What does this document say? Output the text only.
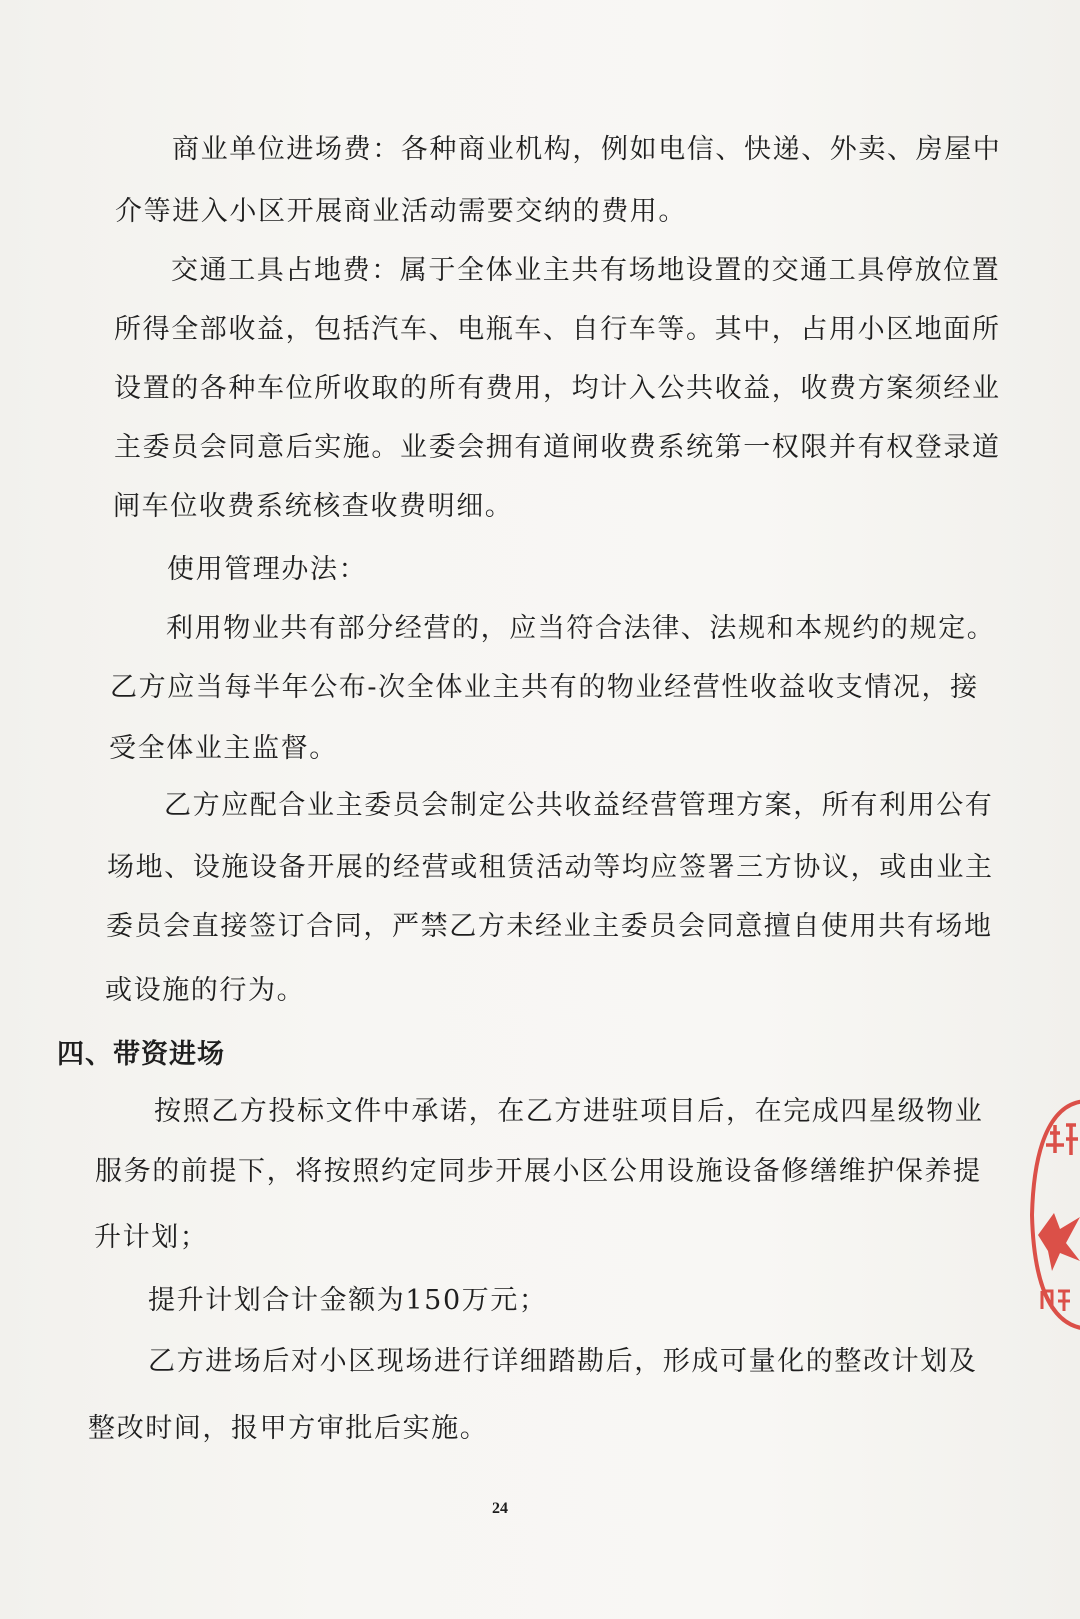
商业单位进场费：各种商业机构，例如电信、快递、外卖、房屋中

介等进入小区开展商业活动需要交纳的费用。

交通工具占地费：属于全体业主共有场地设置的交通工具停放位置

所得全部收益，包括汽车、电瓶车、自行车等。其中，占用小区地面所

设置的各种车位所收取的所有费用，均计入公共收益，收费方案须经业

主委员会同意后实施。业委会拥有道闸收费系统第一权限并有权登录道

闸车位收费系统核查收费明细。

使用管理办法：

利用物业共有部分经营的，应当符合法律、法规和本规约的规定。

乙方应当每半年公布-次全体业主共有的物业经营性收益收支情况，接

受全体业主监督。

乙方应配合业主委员会制定公共收益经营管理方案，所有利用公有

场地、设施设备开展的经营或租赁活动等均应签署三方协议，或由业主

委员会直接签订合同，严禁乙方未经业主委员会同意擅自使用共有场地

或设施的行为。

四、带资进场

按照乙方投标文件中承诺，在乙方进驻项目后，在完成四星级物业

服务的前提下，将按照约定同步开展小区公用设施设备修缮维护保养提

升计划；

提升计划合计金额为150万元；

乙方进场后对小区现场进行详细踏勘后，形成可量化的整改计划及

整改时间，报甲方审批后实施。

24
